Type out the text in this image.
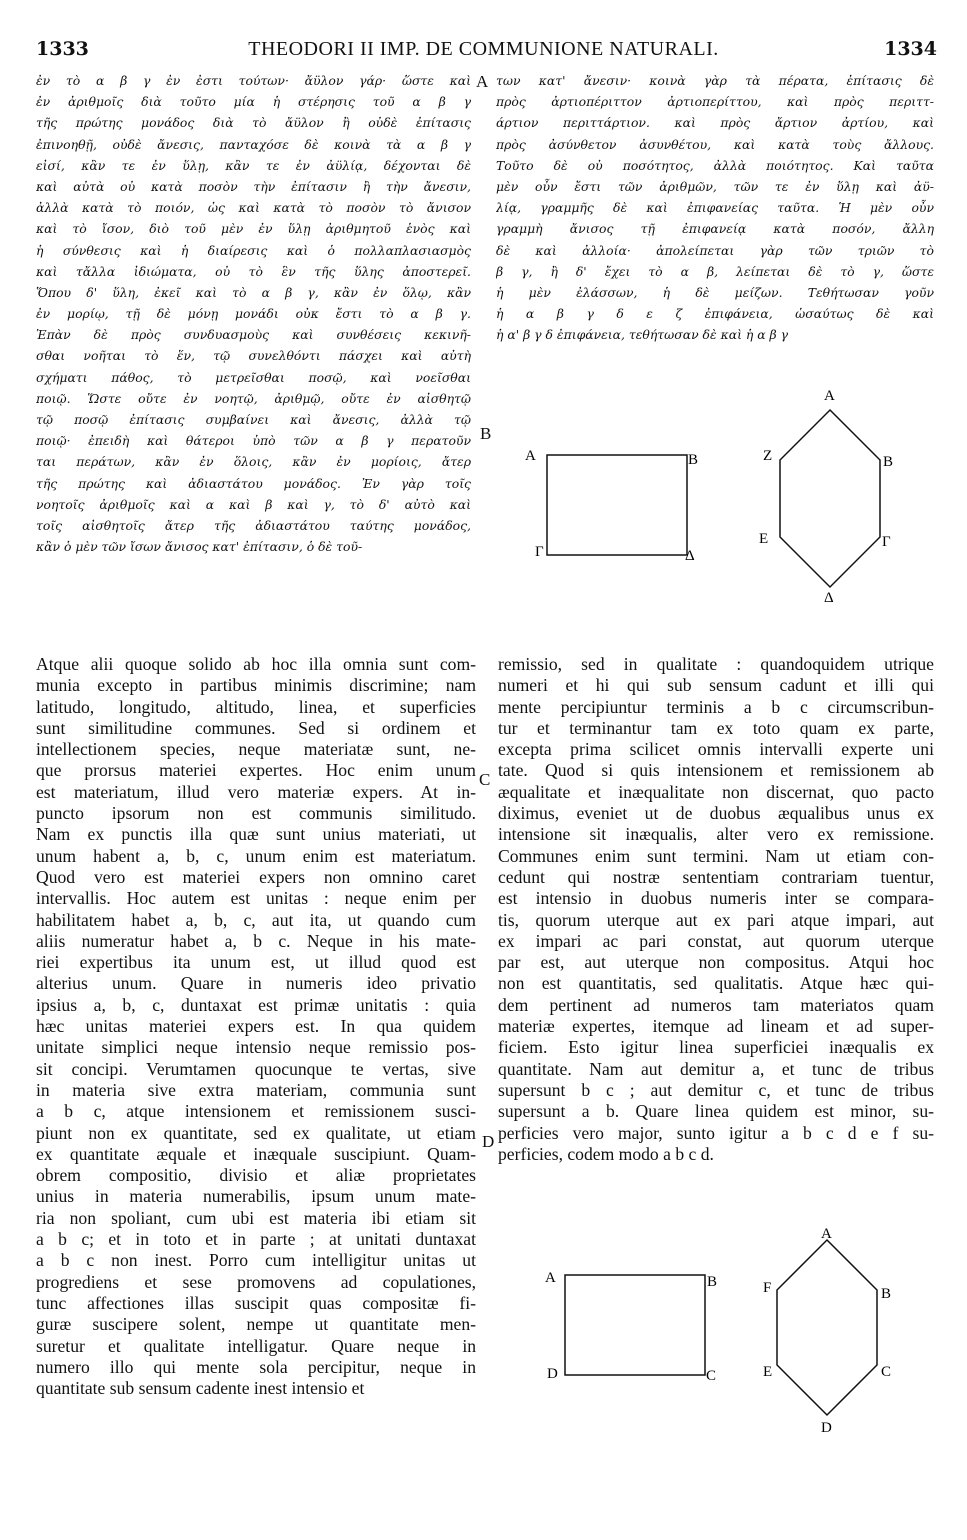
1333	THEODORI II IMP. DE COMMUNIONE NATURALI.	1334
ἐν τὸ α β γ ἐν ἐστι τούτων· ἄϋλον γάρ· ὥστε καὶ
ἐν ἀριθμοῖς διὰ τοῦτο μία ἡ στέρησις τοῦ α β γ
τῆς πρώτης μονάδος διὰ τὸ ἄϋλον ἢ οὐδὲ ἐπίτασις
ἐπινοηθῇ, οὐδὲ ἄνεσις, πανταχόσε δὲ κοινὰ τὰ α β γ
εἰσί, κἂν τε ἐν ὕλῃ, κἂν τε ἐν ἀϋλίᾳ, δέχονται δὲ
καὶ αὐτὰ οὐ κατὰ ποσὸν τὴν ἐπίτασιν ἢ τὴν ἄνεσιν,
ἀλλὰ κατὰ τὸ ποιόν, ὡς καὶ κατὰ τὸ ποσὸν τὸ ἄνισον
καὶ τὸ ἴσον, διὸ τοῦ μὲν ἐν ὕλῃ ἀριθμητοῦ ἑνὸς καὶ
ἡ σύνθεσις καὶ ἡ διαίρεσις καὶ ὁ πολλαπλασιασμὸς
καὶ τἄλλα ἰδιώματα, οὐ τὸ ἓν τῆς ὕλης ἀποστερεῖ.
Ὅπου δ' ὕλη, ἐκεῖ καὶ τὸ α β γ, κἂν ἐν ὅλῳ, κἂν
ἐν μορίῳ, τῇ δὲ μόνῃ μονάδι οὐκ ἔστι τὸ α β γ.
Ἐπὰν δὲ πρὸς συνδυασμοὺς καὶ συνθέσεις κεκινῆ-
σθαι νοῆται τὸ ἕν, τῷ συνελθόντι πάσχει καὶ αὐτὴ
σχήματι πάθος, τὸ μετρεῖσθαι ποσῷ, καὶ νοεῖσθαι
ποιῷ. Ὥστε οὔτε ἐν νοητῷ, ἀριθμῷ, οὔτε ἐν αἰσθητῷ
τῷ ποσῷ ἐπίτασις συμβαίνει καὶ ἄνεσις, ἀλλὰ τῷ
ποιῷ· ἐπειδὴ καὶ θάτεροι ὑπὸ τῶν α β γ περατοῦν
ται περάτων, κἂν ἐν ὅλοις, κἂν ἐν μορίοις, ἄτερ
τῆς πρώτης καὶ ἀδιαστάτου μονάδος. Ἐν γὰρ τοῖς
νοητοῖς ἀριθμοῖς καὶ α καὶ β καὶ γ, τὸ δ' αὐτὸ καὶ
τοῖς αἰσθητοῖς ἄτερ τῆς ἀδιαστάτου ταύτης μονάδος,
κἂν ὁ μὲν τῶν ἴσων ἄνισος κατ' ἐπίτασιν, ὁ δὲ τοῦ-
των κατ' ἄνεσιν· κοινὰ γὰρ τὰ πέρατα, ἐπίτασις δὲ
πρὸς ἀρτιοπέριττον ἀρτιοπερίττου, καὶ πρὸς περιττ-
άρτιον περιττάρτιον. καὶ πρὸς ἄρτιον ἀρτίου, καὶ
πρὸς ἀσύνθετον ἀσυνθέτου, καὶ κατὰ τοὺς ἄλλους.
Τοῦτο δὲ οὐ ποσότητος, ἀλλὰ ποιότητος. Καὶ ταῦτα
μὲν οὖν ἔστι τῶν ἀριθμῶν, τῶν τε ἐν ὕλῃ καὶ ἀϋ-
λίᾳ, γραμμῆς δὲ καὶ ἐπιφανείας ταῦτα. Ἡ μὲν οὖν
γραμμὴ ἄνισος τῇ ἐπιφανείᾳ κατὰ ποσόν, ἄλλη
δὲ καὶ ἀλλοία· ἀπολείπεται γὰρ τῶν τριῶν τὸ
β γ, ἢ δ' ἔχει τὸ α β, λείπεται δὲ τὸ γ, ὥστε
ἡ μὲν ἐλάσσων, ἡ δὲ μείζων. Τεθήτωσαν γοῦν
ἡ α β γ δ ε ζ ἐπιφάνεια, ὡσαύτως δὲ καὶ
ἡ α' β γ δ ἐπιφάνεια, τεθήτωσαν δὲ καὶ ἡ α β γ
Atque alii quoque solido ab hoc illa omnia sunt com-
munia excepto in partibus minimis discrimine; nam
latitudo, longitudo, altitudo, linea, et superficies
sunt similitudine communes. Sed si ordinem et
intellectionem species, neque materiatæ sunt, ne-
que prorsus materiei expertes. Hoc enim unum
est materiatum, illud vero materiæ expers. At in-
puncto ipsorum non est communis similitudo.
Nam ex punctis illa quæ sunt unius materiati, ut
unum habent a, b, c, unum enim est materiatum.
Quod vero est materiei expers non omnino caret
intervallis. Hoc autem est unitas : neque enim per
habilitatem habet a, b, c, aut ita, ut quando cum
aliis numeratur habet a, b c. Neque in his mate-
riei expertibus ita unum est, ut illud quod est
alterius unum. Quare in numeris ideo privatio
ipsius a, b, c, duntaxat est primæ unitatis : quia
hæc unitas materiei expers est. In qua quidem
unitate simplici neque intensio neque remissio pos-
sit concipi. Verumtamen quocunque te vertas, sive
in materia sive extra materiam, communia sunt
a b c, atque intensionem et remissionem susci-
piunt non ex quantitate, sed ex qualitate, ut etiam
ex quantitate æquale et inæquale suscipiunt. Quam-
obrem compositio, divisio et aliæ proprietates
unius in materia numerabilis, ipsum unum mate-
ria non spoliant, cum ubi est materia ibi etiam sit
a b c; et in toto et in parte ; at unitati duntaxat
a b c non inest. Porro cum intelligitur unitas ut
progrediens et sese promovens ad copulationes,
tunc affectiones illas suscipit quas compositæ fi-
guræ suscipere solent, nempe ut quantitate men-
suretur et qualitate intelligatur. Quare neque in
numero illo qui mente sola percipitur, neque in
quantitate sub sensum cadente inest intensio et
remissio, sed in qualitate : quandoquidem utrique
numeri et hi qui sub sensum cadunt et illi qui
mente percipiuntur terminis a b c circumscribun-
tur et terminantur tam ex toto quam ex parte,
excepta prima scilicet omnis intervalli experte uni
tate. Quod si quis intensionem et remissionem ab
æqualitate et inæqualitate non discernat, quo pacto
diximus, eveniet ut de duobus æqualibus unus ex
intensione sit inæqualis, alter vero ex remissione.
Communes enim sunt termini. Nam ut etiam con-
cedunt qui nostræ sententiam contrariam tuentur,
est intensio in duobus numeris inter se compara-
tis, quorum uterque aut ex pari atque impari, aut
ex impari ac pari constat, aut quorum uterque
par est, aut uterque non compositus. Atqui hoc
non est quantitatis, sed qualitatis. Atque hæc qui-
dem pertinent ad numeros tam materiatos quam
materiæ expertes, itemque ad lineam et ad super-
ficiem. Esto igitur linea superficiei inæqualis ex
quantitate. Nam aut demitur a, et tunc de tribus
supersunt b c ; aut demitur c, et tunc de tribus
supersunt a b. Quare linea quidem est minor, su-
perficies vero major, sunto igitur a b c d e f su-
perficies, codem modo a b c d.
A
B
C
D
Α	Β
Γ	Δ
Α
Ζ	Β
Ε	Γ
Δ
A	B
D	C
A
F	B
E	C
D
